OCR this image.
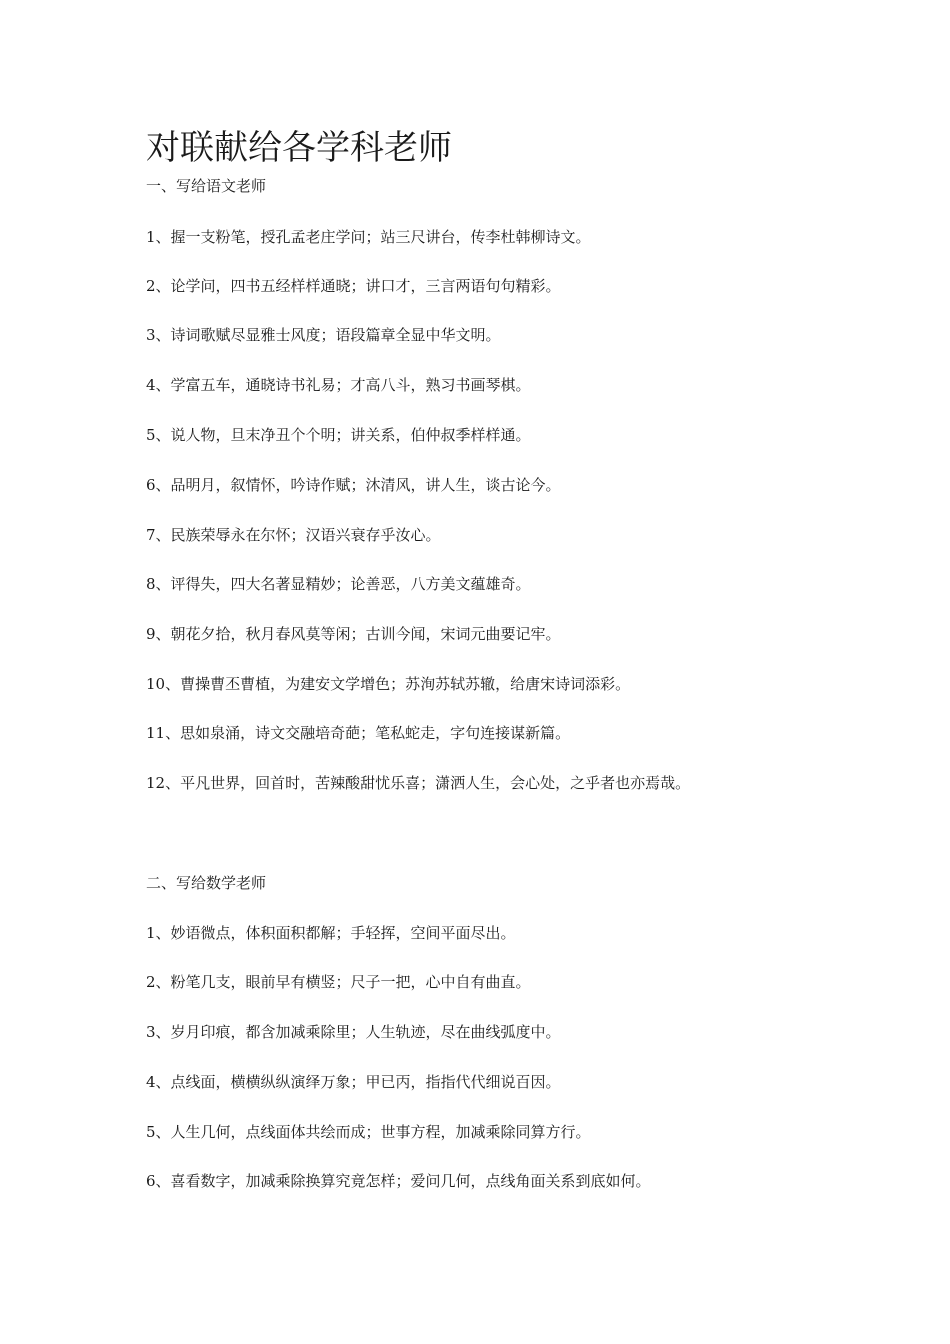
对联献给各学科老师
一、写给语文老师
1、握一支粉笔，授孔孟老庄学问；站三尺讲台，传李杜韩柳诗文。
2、论学问，四书五经样样通晓；讲口才，三言两语句句精彩。
3、诗词歌赋尽显雅士风度；语段篇章全显中华文明。
4、学富五车，通晓诗书礼易；才高八斗，熟习书画琴棋。
5、说人物，旦末净丑个个明；讲关系，伯仲叔季样样通。
6、品明月，叙情怀，吟诗作赋；沐清风，讲人生，谈古论今。
7、民族荣辱永在尔怀；汉语兴衰存乎汝心。
8、评得失，四大名著显精妙；论善恶，八方美文蕴雄奇。
9、朝花夕拾，秋月春风莫等闲；古训今闻，宋词元曲要记牢。
10、曹操曹丕曹植，为建安文学增色；苏洵苏轼苏辙，给唐宋诗词添彩。
11、思如泉涌，诗文交融培奇葩；笔私蛇走，字句连接谋新篇。
12、平凡世界，回首时，苦辣酸甜忧乐喜；潇洒人生，会心处，之乎者也亦焉哉。
二、写给数学老师
1、妙语微点，体积面积都解；手轻挥，空间平面尽出。
2、粉笔几支，眼前早有横竖；尺子一把，心中自有曲直。
3、岁月印痕，都含加减乘除里；人生轨迹，尽在曲线弧度中。
4、点线面，横横纵纵演绎万象；甲已丙，指指代代细说百因。
5、人生几何，点线面体共绘而成；世事方程，加减乘除同算方行。
6、喜看数字，加减乘除换算究竟怎样；爱问几何，点线角面关系到底如何。
